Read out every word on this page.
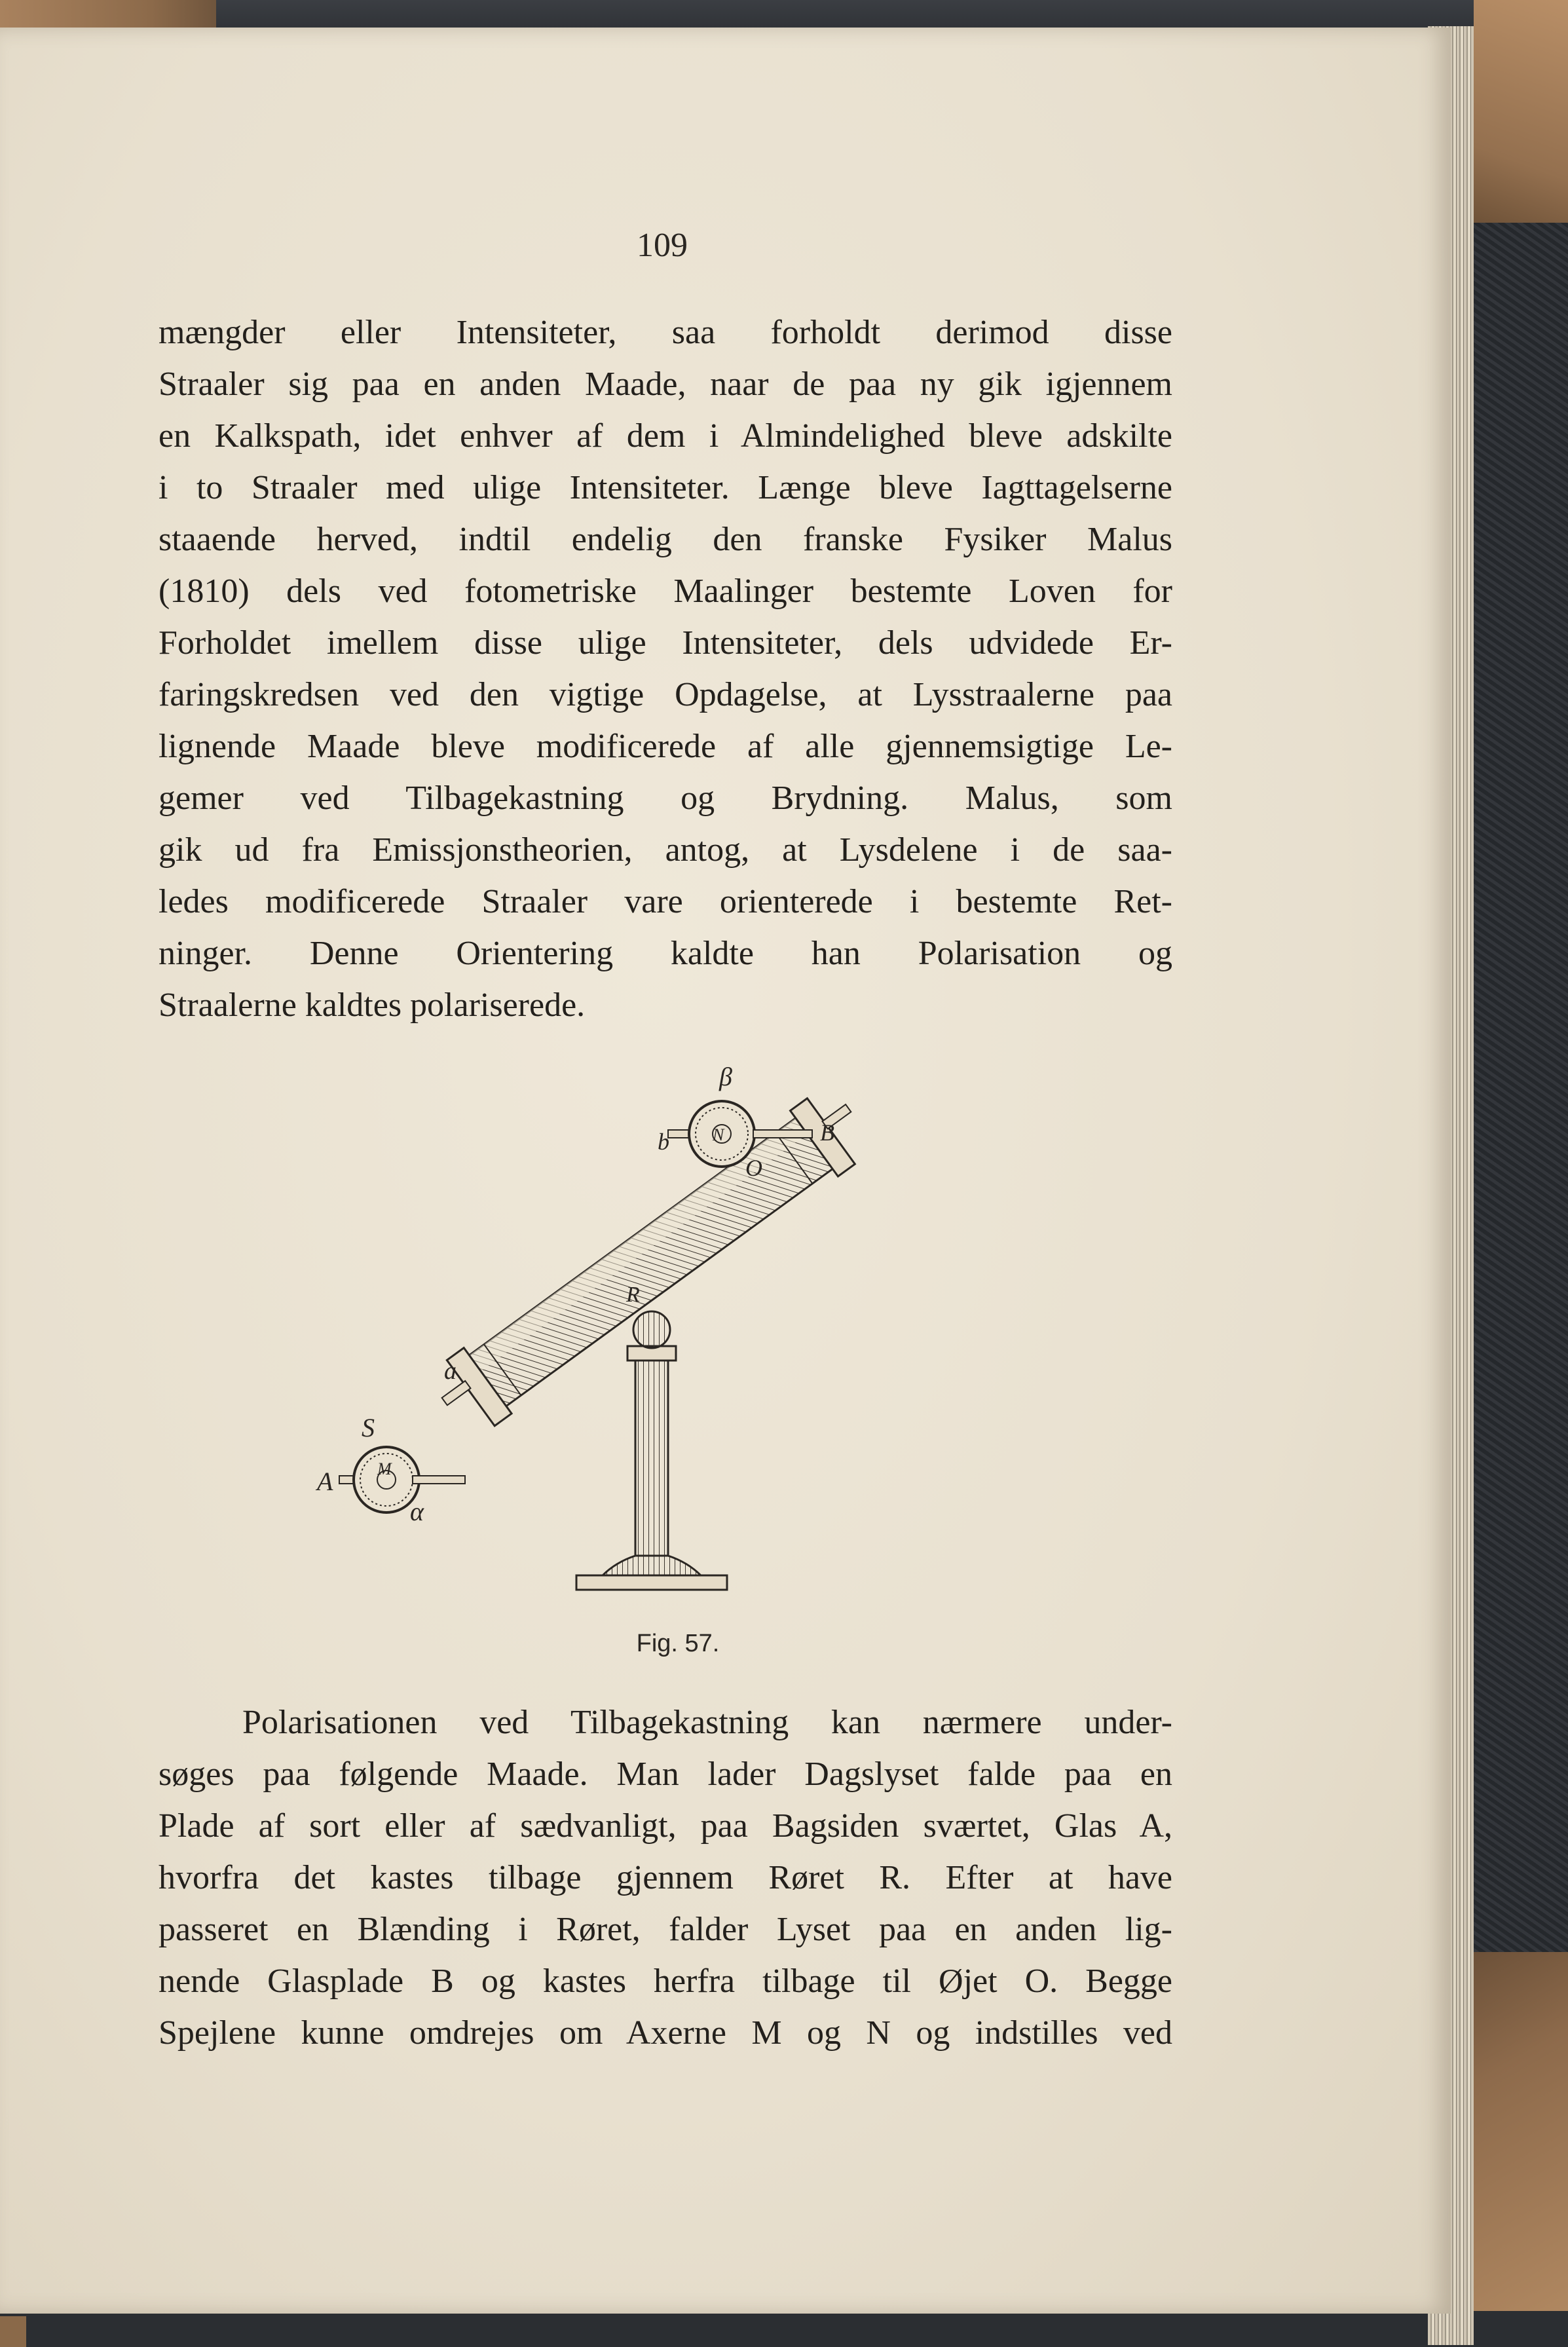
109
mængder eller Intensiteter, saa forholdt derimod disse
Straaler sig paa en anden Maade, naar de paa ny gik igjennem
en Kalkspath, idet enhver af dem i Almindelighed bleve adskilte
i to Straaler med ulige Intensiteter. Længe bleve Iagttagelserne
staaende herved, indtil endelig den franske Fysiker Malus
(1810) dels ved fotometriske Maalinger bestemte Loven for
Forholdet imellem disse ulige Intensiteter, dels udvidede Er-
faringskredsen ved den vigtige Opdagelse, at Lysstraalerne paa
lignende Maade bleve modificerede af alle gjennemsigtige Le-
gemer ved Tilbagekastning og Brydning. Malus, som
gik ud fra Emissjonstheorien, antog, at Lysdelene i de saa-
ledes modificerede Straaler vare orienterede i bestemte Ret-
ninger. Denne Orientering kaldte han Polarisation og
Straalerne kaldtes polariserede.
β
B
O
b	N
R
a
S
A	M
α
Fig. 57.
Polarisationen ved Tilbagekastning kan nærmere under-
søges paa følgende Maade. Man lader Dagslyset falde paa en
Plade af sort eller af sædvanligt, paa Bagsiden sværtet, Glas A,
hvorfra det kastes tilbage gjennem Røret R. Efter at have
passeret en Blænding i Røret, falder Lyset paa en anden lig-
nende Glasplade B og kastes herfra tilbage til Øjet O. Begge
Spejlene kunne omdrejes om Axerne M og N og indstilles ved
